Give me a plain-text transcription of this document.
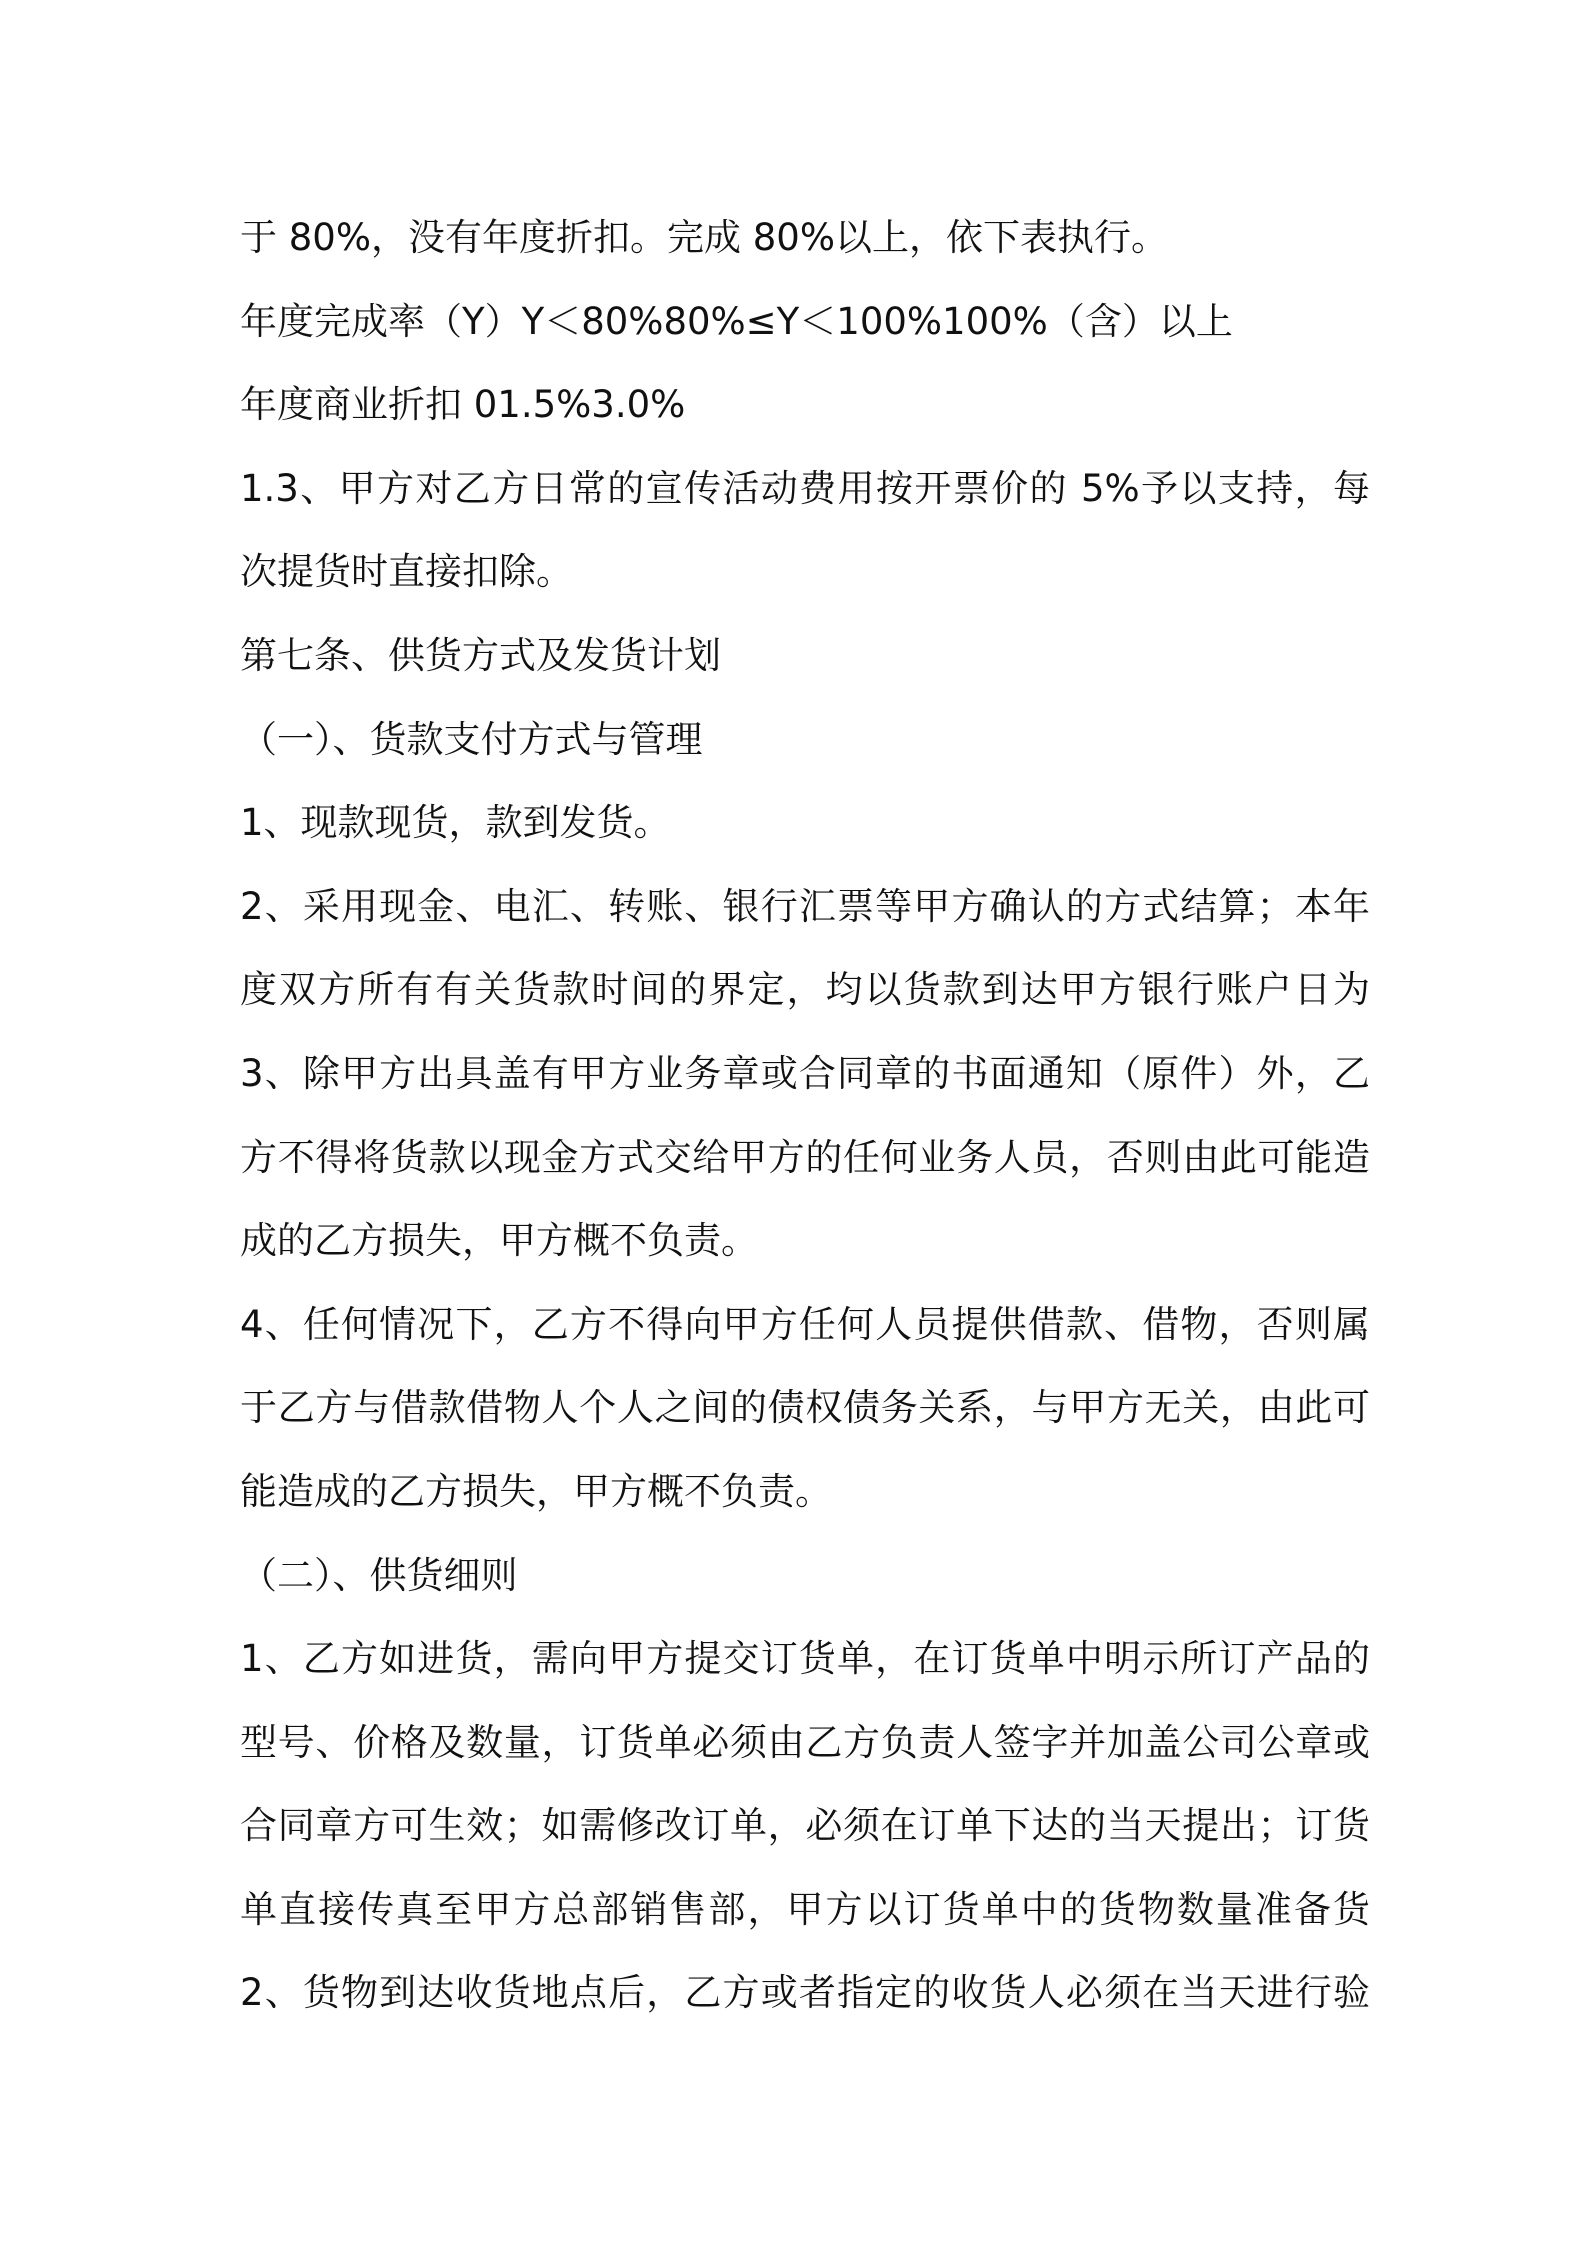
于 80%，没有年度折扣。完成 80%以上，依下表执行。
年度完成率（Y）Y＜80%80%≤Y＜100%100%（含）以上
年度商业折扣 01.5%3.0%
1.3、甲方对乙方日常的宣传活动费用按开票价的 5%予以支持，每
次提货时直接扣除。
第七条、供货方式及发货计划
（一）、货款支付方式与管理
1、现款现货，款到发货。
2、采用现金、电汇、转账、银行汇票等甲方确认的方式结算；本年
度双方所有有关货款时间的界定，均以货款到达甲方银行账户日为
3、除甲方出具盖有甲方业务章或合同章的书面通知（原件）外，乙
方不得将货款以现金方式交给甲方的任何业务人员，否则由此可能造
成的乙方损失，甲方概不负责。
4、任何情况下，乙方不得向甲方任何人员提供借款、借物，否则属
于乙方与借款借物人个人之间的债权债务关系，与甲方无关，由此可
能造成的乙方损失，甲方概不负责。
（二）、供货细则
1、乙方如进货，需向甲方提交订货单，在订货单中明示所订产品的
型号、价格及数量，订货单必须由乙方负责人签字并加盖公司公章或
合同章方可生效；如需修改订单，必须在订单下达的当天提出；订货
单直接传真至甲方总部销售部，甲方以订货单中的货物数量准备货
2、货物到达收货地点后，乙方或者指定的收货人必须在当天进行验
